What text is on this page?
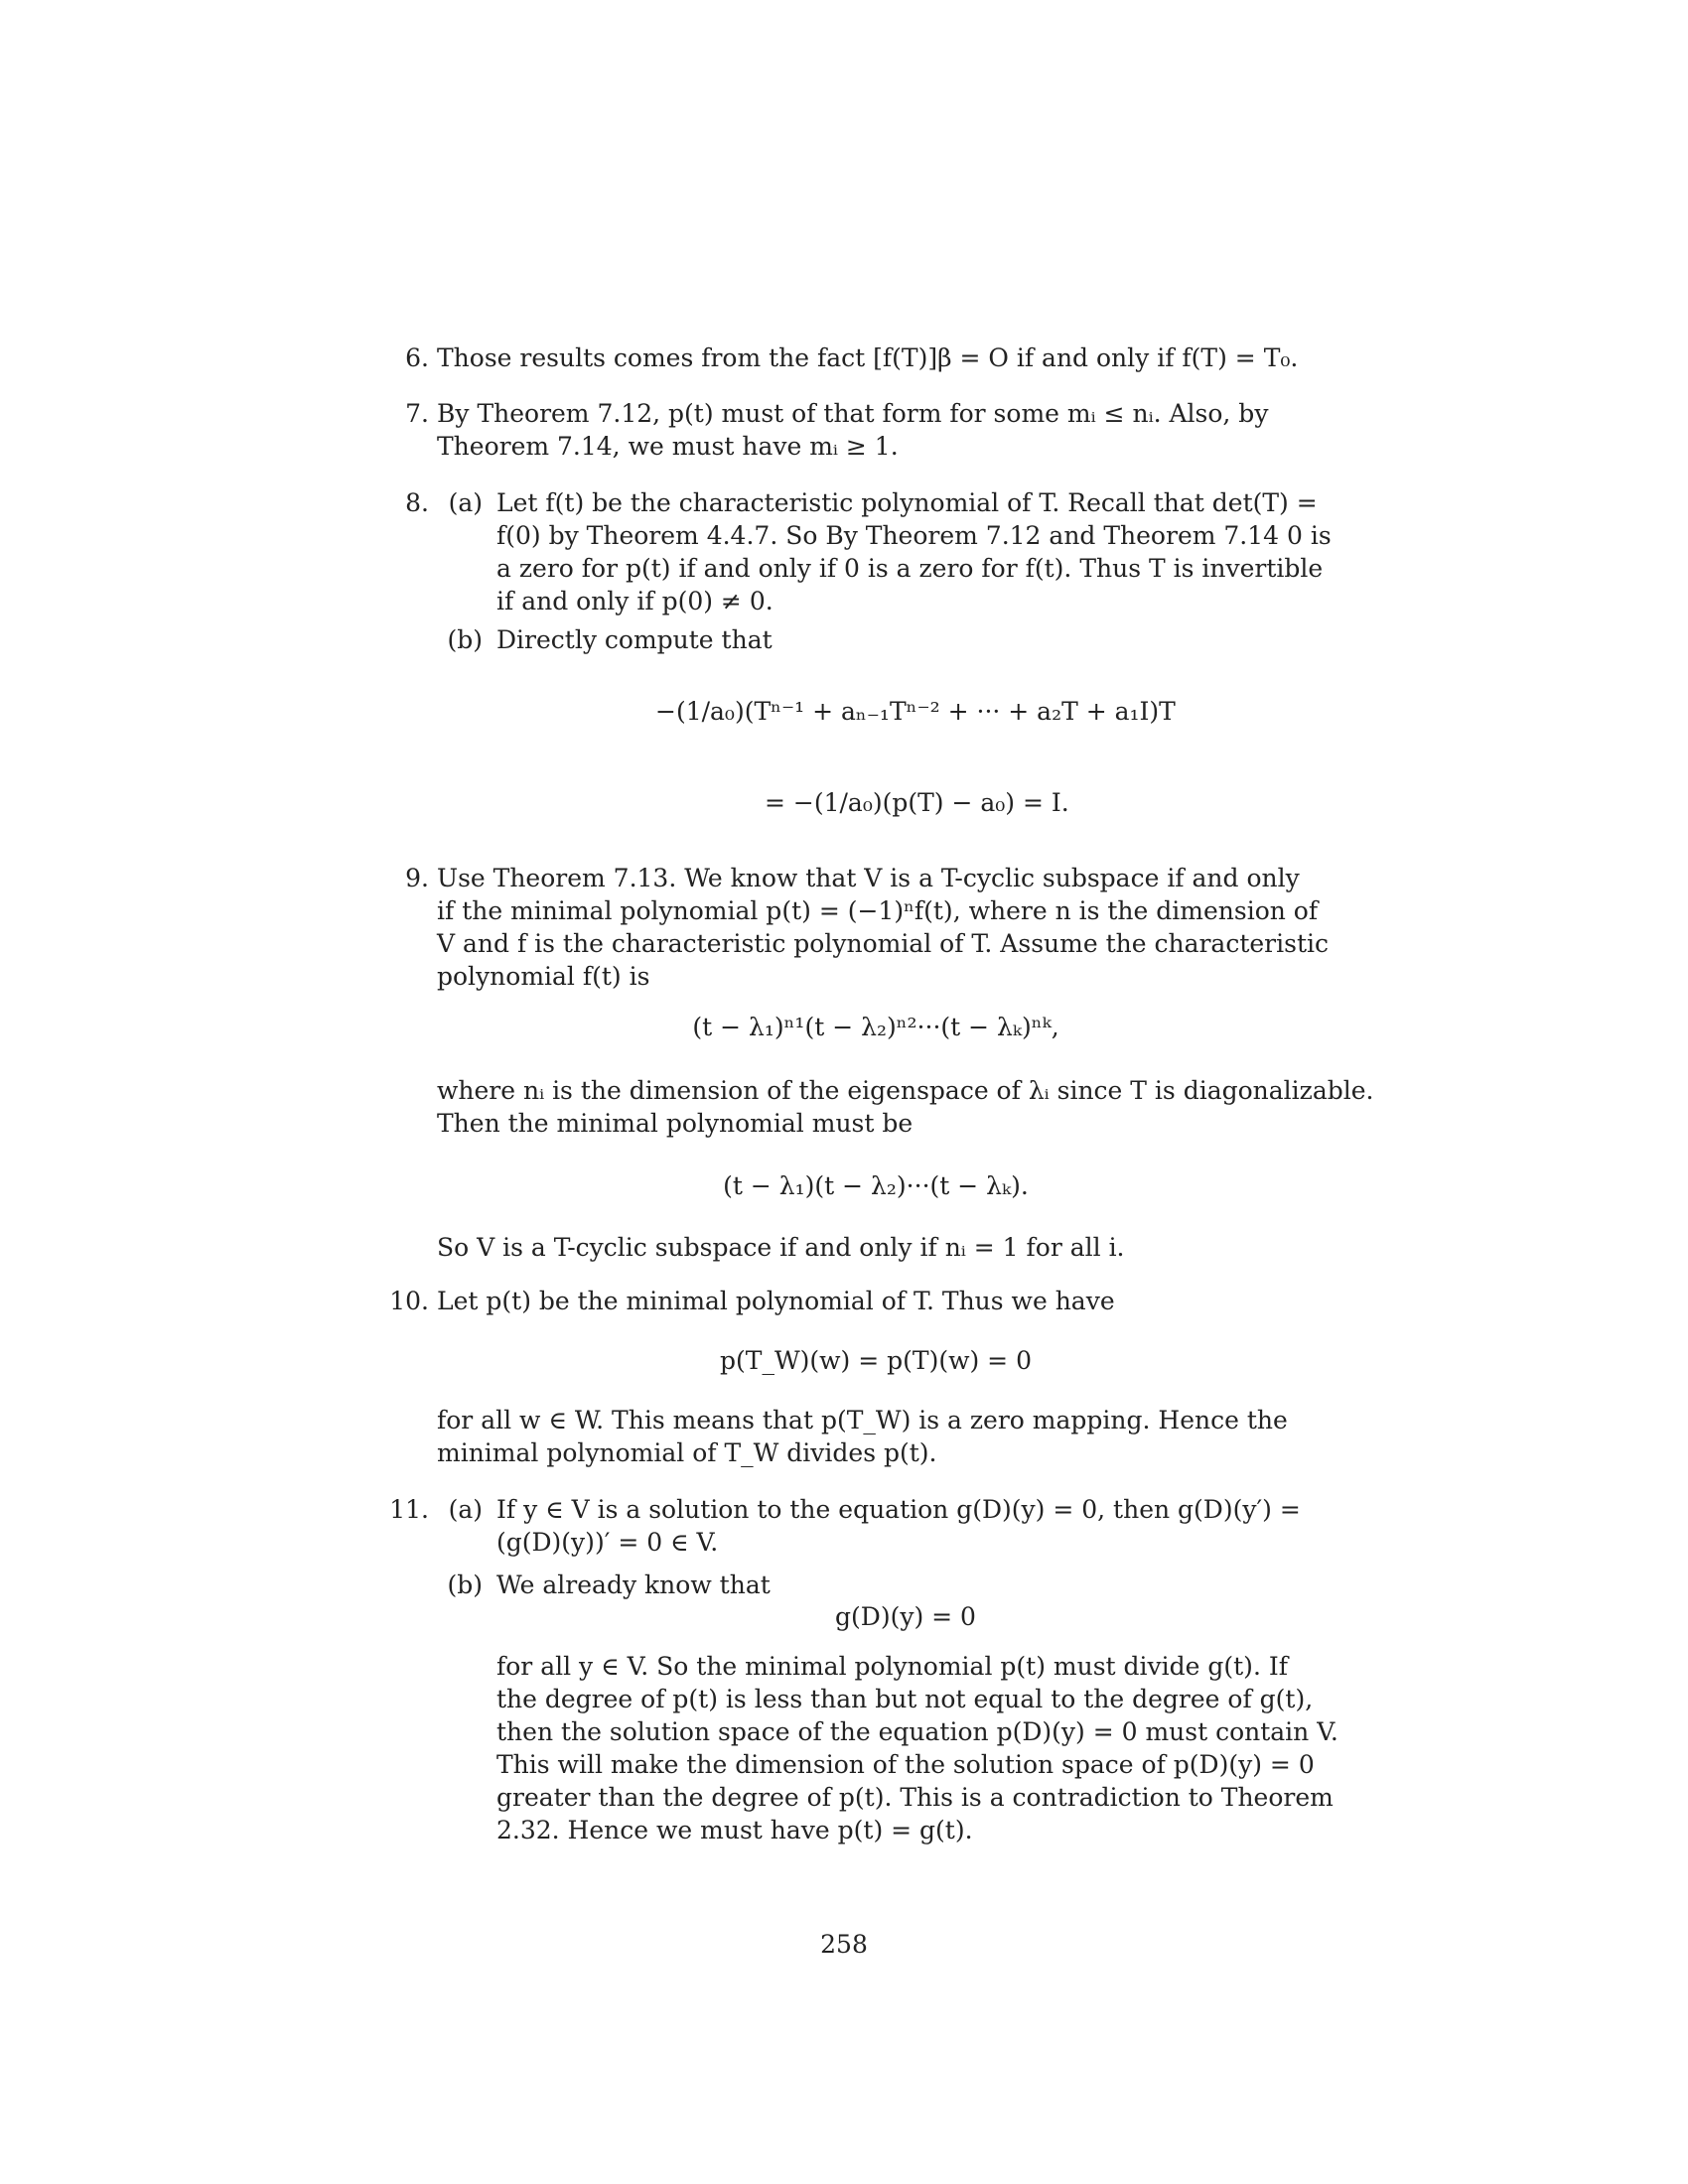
6. Those results comes from the fact [f(T)]β = O if and only if f(T) = T₀.
7. By Theorem 7.12, p(t) must of that form for some mᵢ ≤ nᵢ. Also, by
Theorem 7.14, we must have mᵢ ≥ 1.
8. (a) Let f(t) be the characteristic polynomial of T. Recall that det(T) =
f(0) by Theorem 4.4.7. So By Theorem 7.12 and Theorem 7.14 0 is
a zero for p(t) if and only if 0 is a zero for f(t). Thus T is invertible
if and only if p(0) ≠ 0.
(b) Directly compute that
−(1/a₀)(Tⁿ⁻¹ + aₙ₋₁Tⁿ⁻² + ··· + a₂T + a₁I)T
= −(1/a₀)(p(T) − a₀) = I.
9. Use Theorem 7.13. We know that V is a T-cyclic subspace if and only
if the minimal polynomial p(t) = (−1)ⁿf(t), where n is the dimension of
V and f is the characteristic polynomial of T. Assume the characteristic
polynomial f(t) is
(t − λ₁)ⁿ¹(t − λ₂)ⁿ²···(t − λₖ)ⁿᵏ,
where nᵢ is the dimension of the eigenspace of λᵢ since T is diagonalizable.
Then the minimal polynomial must be
(t − λ₁)(t − λ₂)···(t − λₖ).
So V is a T-cyclic subspace if and only if nᵢ = 1 for all i.
10. Let p(t) be the minimal polynomial of T. Thus we have
p(T_W)(w) = p(T)(w) = 0
for all w ∈ W. This means that p(T_W) is a zero mapping. Hence the
minimal polynomial of T_W divides p(t).
11. (a) If y ∈ V is a solution to the equation g(D)(y) = 0, then g(D)(y′) =
(g(D)(y))′ = 0 ∈ V.
(b) We already know that
g(D)(y) = 0
for all y ∈ V. So the minimal polynomial p(t) must divide g(t). If
the degree of p(t) is less than but not equal to the degree of g(t),
then the solution space of the equation p(D)(y) = 0 must contain V.
This will make the dimension of the solution space of p(D)(y) = 0
greater than the degree of p(t). This is a contradiction to Theorem
2.32. Hence we must have p(t) = g(t).
258
